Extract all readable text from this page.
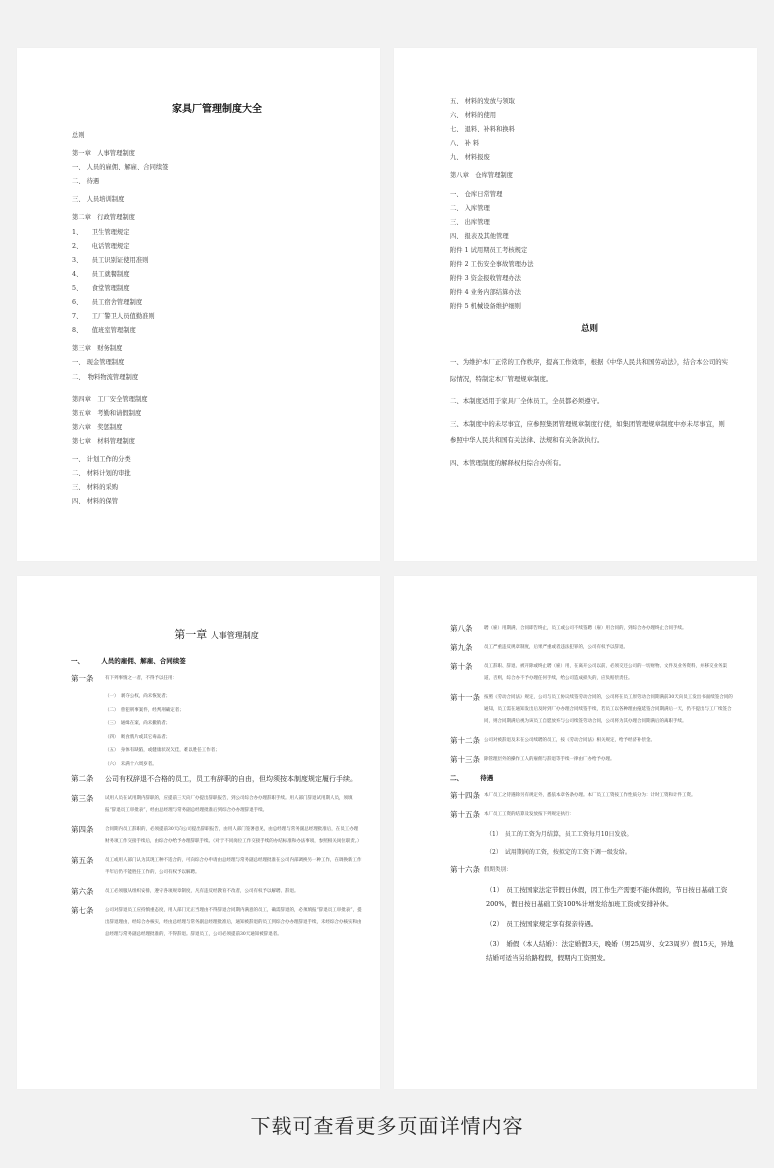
家具厂管理制度大全
总则
第一章　人事管理制度
一、 人员的雇佣、解雇、合同续签
二、 待遇
三、 人员培训制度
第二章　行政管理制度
1、　　卫生管理规定
2、　　电话管理规定
3、　　员工识别证使用准则
4、　　员工就餐制度
5、　　食堂管理制度
6、　　员工宿舍管理制度
7、　　工厂警卫人员值勤准则
8、　　值班室管理制度
第三章　财务制度
一、 现金管理制度
二、　物料物流管理制度
第四章　工厂安全管理制度
第五章　考勤和请假制度
第六章　奖惩制度
第七章　材料管理制度
一、 计划工作的分类
二、 材料计划的审批
三、 材料的采购
四、 材料的保管
五、 材料的发放与领取
六、 材料的使用
七、 退料、补料和换料
八、 补 料
九、 材料报废
第八章　仓库管理制度
一、 仓库日常管理
二、 入库管理
三、 出库管理
四、 报表及其他管理
附件 1 试用期员工考核规定
附件 2 工伤安全事故管理办法
附件 3 资金报收管理办法
附件 4 业务内部结算办法
附件 5 机械设备维护细则
总则
一、为维护本厂正常的工作秩序，提高工作效率，根据《中华人民共和国劳动法》，结合本公司的实际情况，特制定本厂管理规章制度。
二、本制度适用于家具厂全体员工，全员都必须遵守。
三、本制度中的未尽事宜，应参照集团管理规章制度行使，如集团管理规章制度中亦未尽事宜，则参照中华人民共和国有关法律、法规和有关条款执行。
四、本管理制度的解释权归综合办所有。
第一章 人事管理制度
一、	人员的雇佣、解雇、合同续签
第一条	有下列事情之一者，不得予以任用：
（一）　剥夺公权，尚未恢复者；
（二）　曾犯刑事案件，经判刑确定者；
（三）　通缉在案，尚未撤销者；
（四）　吸食鸦片或其它毒品者；
（五）　身体有缺陷，或健康状况欠佳，难以胜任工作者；
（六）　未满十六周岁者。
第二条	公司有权辞退不合格的员工，员工有辞职的自由，但均须按本制度规定履行手续。
第三条	试用人员在试用期内辞职的，应提前三天向厂办提出辞职报告，到公司综合办办理辞职手续。用人部门辞退试用期人员，须填报“辞退员工审批表”，经由总经理与常务副总经理批准后到综合办办理辞退手续。
第四条	合同期内员工辞职的，必须提前30天向公司提出辞职报告，由用人部门签署意见，由总经理与常务副总经理批准后，在员工办理财务项工作交接手续后，由综合办给予办理辞职手续。（对于不同岗位工作交接手续的办结标准和办法事项，参照相关岗位职责。）
第五条	员工或用人部门认为其现工种不适合的，可向综合办申请由总经理与常务副总经理批准在公司内部调换另一种工作，在调换新工作半年后仍不能胜任工作的，公司有权予以解聘。
第六条	员工必须服从组织安排，遵守各项规章制度，凡有违反经教育不改者，公司有权予以解聘、辞退。
第七条	公司对辞退员工应持慎重态度，用人部门无正当理由不得辞退合同期内满意的员工，确需辞退的，必须填报“辞退员工审批表”，提出辞退理由，经综合办核实，经由总经理与常务副总经理批准后，通知被辞退的员工到综合办办理辞退手续，未经综合办核实和由总经理与常务副总经理批准的，不得辞退。辞退员工，公司必须提前30天通知被辞退者。
第八条	聘（雇）用期满，合同即告终止，员工或公司不续签聘（雇）用合同的，到综合办办理终止合同手续。
第九条	员工严重违反规章制度，后果严重或者违法犯罪的，公司有权予以辞退。
第十条	员工辞职、辞退、被开除或终止聘（雇）用，在离开公司以前，必须交还公司的一切财物、文件及业务资料，并移交业务渠道，否则，综合办不予办理任何手续，给公司造成损失的，应负赔偿责任。
第十一条 按照《劳动合同法》规定，公司与员工协议续签劳动合同的，公司将在员工原劳动合同期满前30天向员工发出书面续签合同的通知，员工需在通知发出后及时到厂办办理合同续签手续，若员工以各种理由拖延签合同期满后一天，仍不提出与工厂续签合同，则合同期满后视为该员工自愿放弃与公司续签劳动合同，公司将为其办理合同期满后的离职手续。
第十二条 公司对被辞退及未在公司续聘的员工，按《劳动合同法》相关规定，给予经济补偿金。
第十三条 除管理层外的操作工人的雇佣与辞退等手续一律由厂办给予办理。
二、	待遇
第十四条 本厂员工之待遇除另有规定外，悉依本章各条办理。本厂员工工资按工作性质分为：计时工资和计件工资。
第十五条 本厂员工工资的结算及发放按下列规定执行：
（1）　员工的工资为月结算，员工工资每月10日发放。
（2）　试用期间的工资，按拟定的工资下调一级发给。
第十六条 假期类别：
（1）　员工按国家法定节假日休假，因工作生产需要不能休假的，节日按日基础工资200%，假日按日基础工资100%计增发给加班工资或安排补休。
（2）　员工按国家规定享有探亲待遇。
（3）　婚假（本人结婚）：法定婚假3天，晚婚（男25周岁、女23周岁）假15天，异地结婚可适当另给路程假，假期内工资照发。
下载可查看更多页面详情内容
